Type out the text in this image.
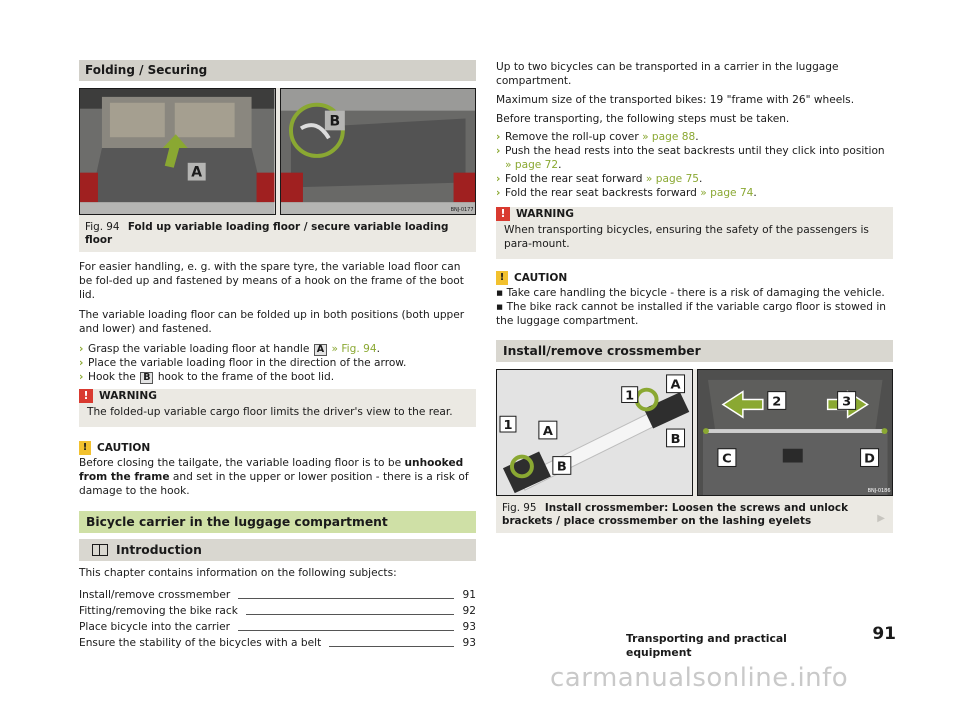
Folding / Securing
A
B
BNJ-0177
Fig. 94 Fold up variable loading floor / secure variable loading floor

For easier handling, e. g. with the spare tyre, the variable load floor can be fol-ded up and fastened by means of a hook on the frame of the boot lid.

The variable loading floor can be folded up in both positions (both upper and lower) and fastened.

› Grasp the variable loading floor at handle A » Fig. 94.
› Place the variable loading floor in the direction of the arrow.
› Hook the B hook to the frame of the boot lid.
! WARNING
The folded-up variable cargo floor limits the driver's view to the rear.
! CAUTION

Before closing the tailgate, the variable loading floor is to be unhooked from the frame and set in the upper or lower position - there is a risk of damage to the hook.

Bicycle carrier in the luggage compartment
Introduction

This chapter contains information on the following subjects:

Install/remove crossmember	91
Fitting/removing the bike rack	92
Place bicycle into the carrier	93
Ensure the stability of the bicycles with a belt	93

Up to two bicycles can be transported in a carrier in the luggage compartment.

Maximum size of the transported bikes: 19 "frame with 26" wheels.

Before transporting, the following steps must be taken.

› Remove the roll-up cover » page 88.
› Push the head rests into the seat backrests until they click into position
» page 72.
› Fold the rear seat forward » page 75.
› Fold the rear seat backrests forward » page 74.
! WARNING
When transporting bicycles, ensuring the safety of the passengers is para-mount.
! CAUTION
▪ Take care handling the bicycle - there is a risk of damaging the vehicle.
▪ The bike rack cannot be installed if the variable cargo floor is stowed in the luggage compartment.
Install/remove crossmember
1
1
A
B
A
B
2	3
C	D
BNJ-0186
Fig. 95 Install crossmember: Loosen the screws and unlock brackets / place crossmember on the lashing eyelets	▶
Transporting and practical equipment
91
carmanualsonline.info
